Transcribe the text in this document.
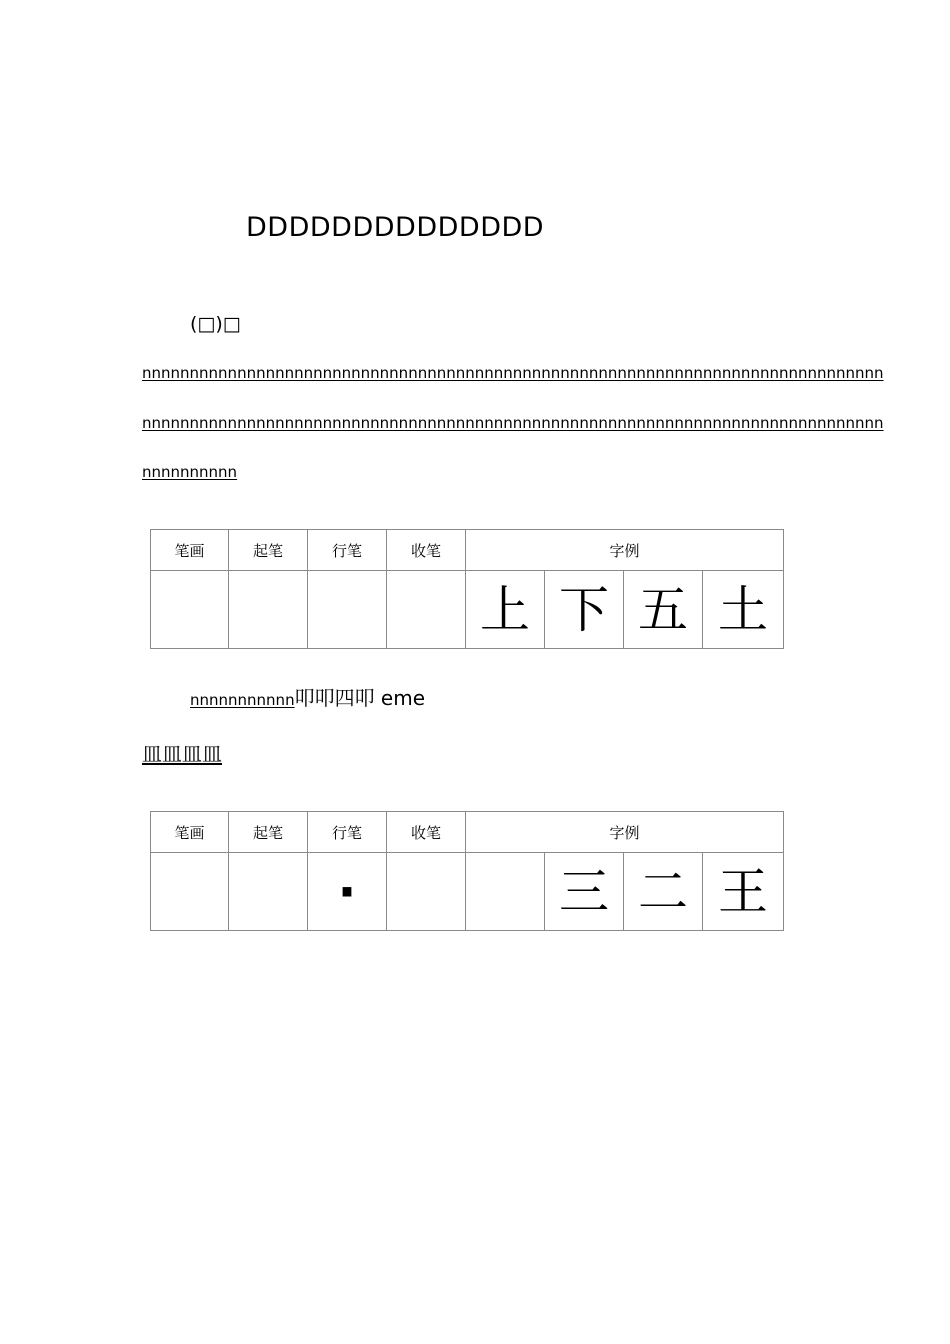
DDDDDDDDDDDDDD
(□)□
nnnnnnnnnnnnnnnnnnnnnnnnnnnnnnnnnnnnnnnnnnnnnnnnnnnnnnnnnnnnnnnnnnnnnnnnnnnnnn
nnnnnnnnnnnnnnnnnnnnnnnnnnnnnnnnnnnnnnnnnnnnnnnnnnnnnnnnnnnnnnnnnnnnnnnnnnnnnn
nnnnnnnnnn
笔画	起笔	行笔	收笔	字例			
				上	下	五	土
nnnnnnnnnnn叩叩四叩 eme
皿皿皿皿
笔画	起笔	行笔	收笔	字例			
		·			三	二	王
